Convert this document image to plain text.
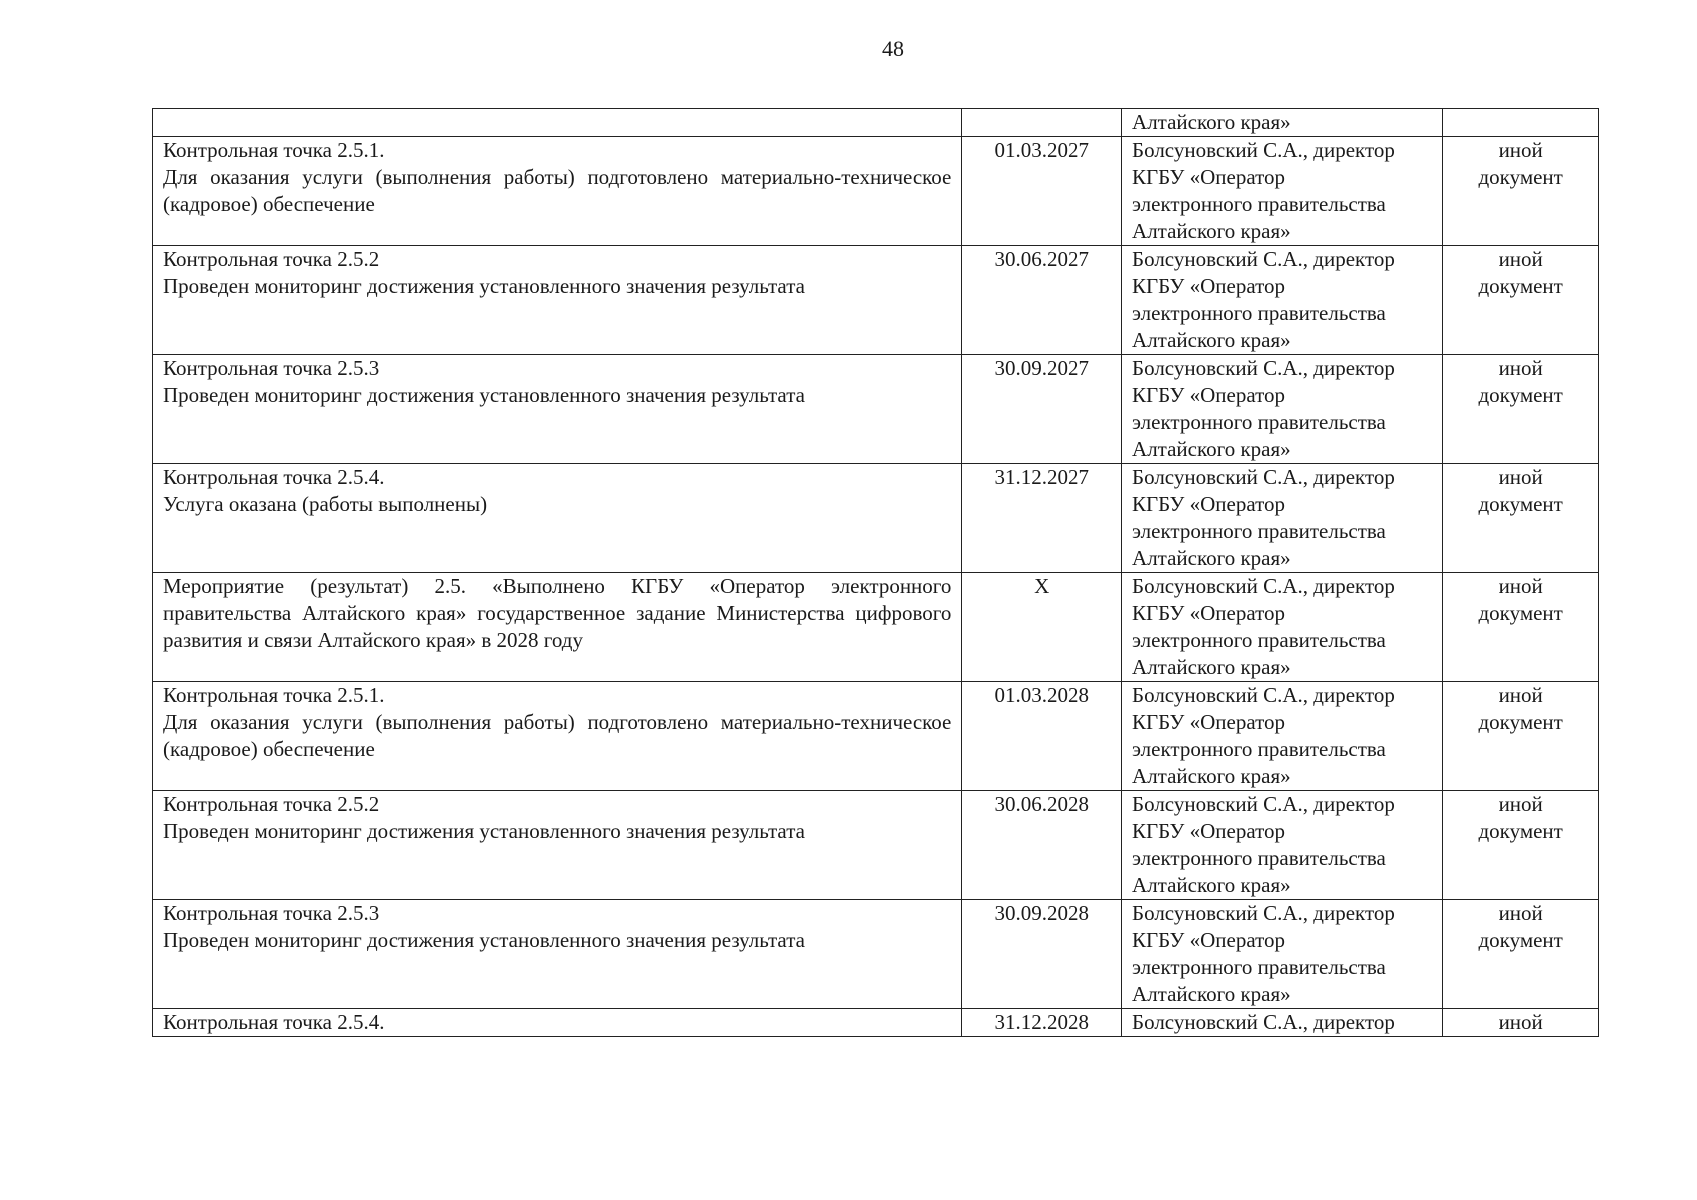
48
		Алтайского края»	

Контрольная точка 2.5.1.
Для оказания услуги (выполнения работы) подготовлено материально-техническое (кадровое) обеспечение	01.03.2027	Болсуновский С.А., директор
КГБУ «Оператор
электронного правительства
Алтайского края»	иной
документ

Контрольная точка 2.5.2
Проведен мониторинг достижения установленного значения результата	30.06.2027	Болсуновский С.А., директор
КГБУ «Оператор
электронного правительства
Алтайского края»	иной
документ

Контрольная точка 2.5.3
Проведен мониторинг достижения установленного значения результата	30.09.2027	Болсуновский С.А., директор
КГБУ «Оператор
электронного правительства
Алтайского края»	иной
документ

Контрольная точка 2.5.4.
Услуга оказана (работы выполнены)	31.12.2027	Болсуновский С.А., директор
КГБУ «Оператор
электронного правительства
Алтайского края»	иной
документ

Мероприятие (результат) 2.5. «Выполнено КГБУ «Оператор электронного правительства Алтайского края» государственное задание Министерства цифрового развития и связи Алтайского края» в 2028 году	X	Болсуновский С.А., директор
КГБУ «Оператор
электронного правительства
Алтайского края»	иной
документ

Контрольная точка 2.5.1.
Для оказания услуги (выполнения работы) подготовлено материально-техническое (кадровое) обеспечение	01.03.2028	Болсуновский С.А., директор
КГБУ «Оператор
электронного правительства
Алтайского края»	иной
документ

Контрольная точка 2.5.2
Проведен мониторинг достижения установленного значения результата	30.06.2028	Болсуновский С.А., директор
КГБУ «Оператор
электронного правительства
Алтайского края»	иной
документ

Контрольная точка 2.5.3
Проведен мониторинг достижения установленного значения результата	30.09.2028	Болсуновский С.А., директор
КГБУ «Оператор
электронного правительства
Алтайского края»	иной
документ

Контрольная точка 2.5.4.	31.12.2028	Болсуновский С.А., директор	иной
